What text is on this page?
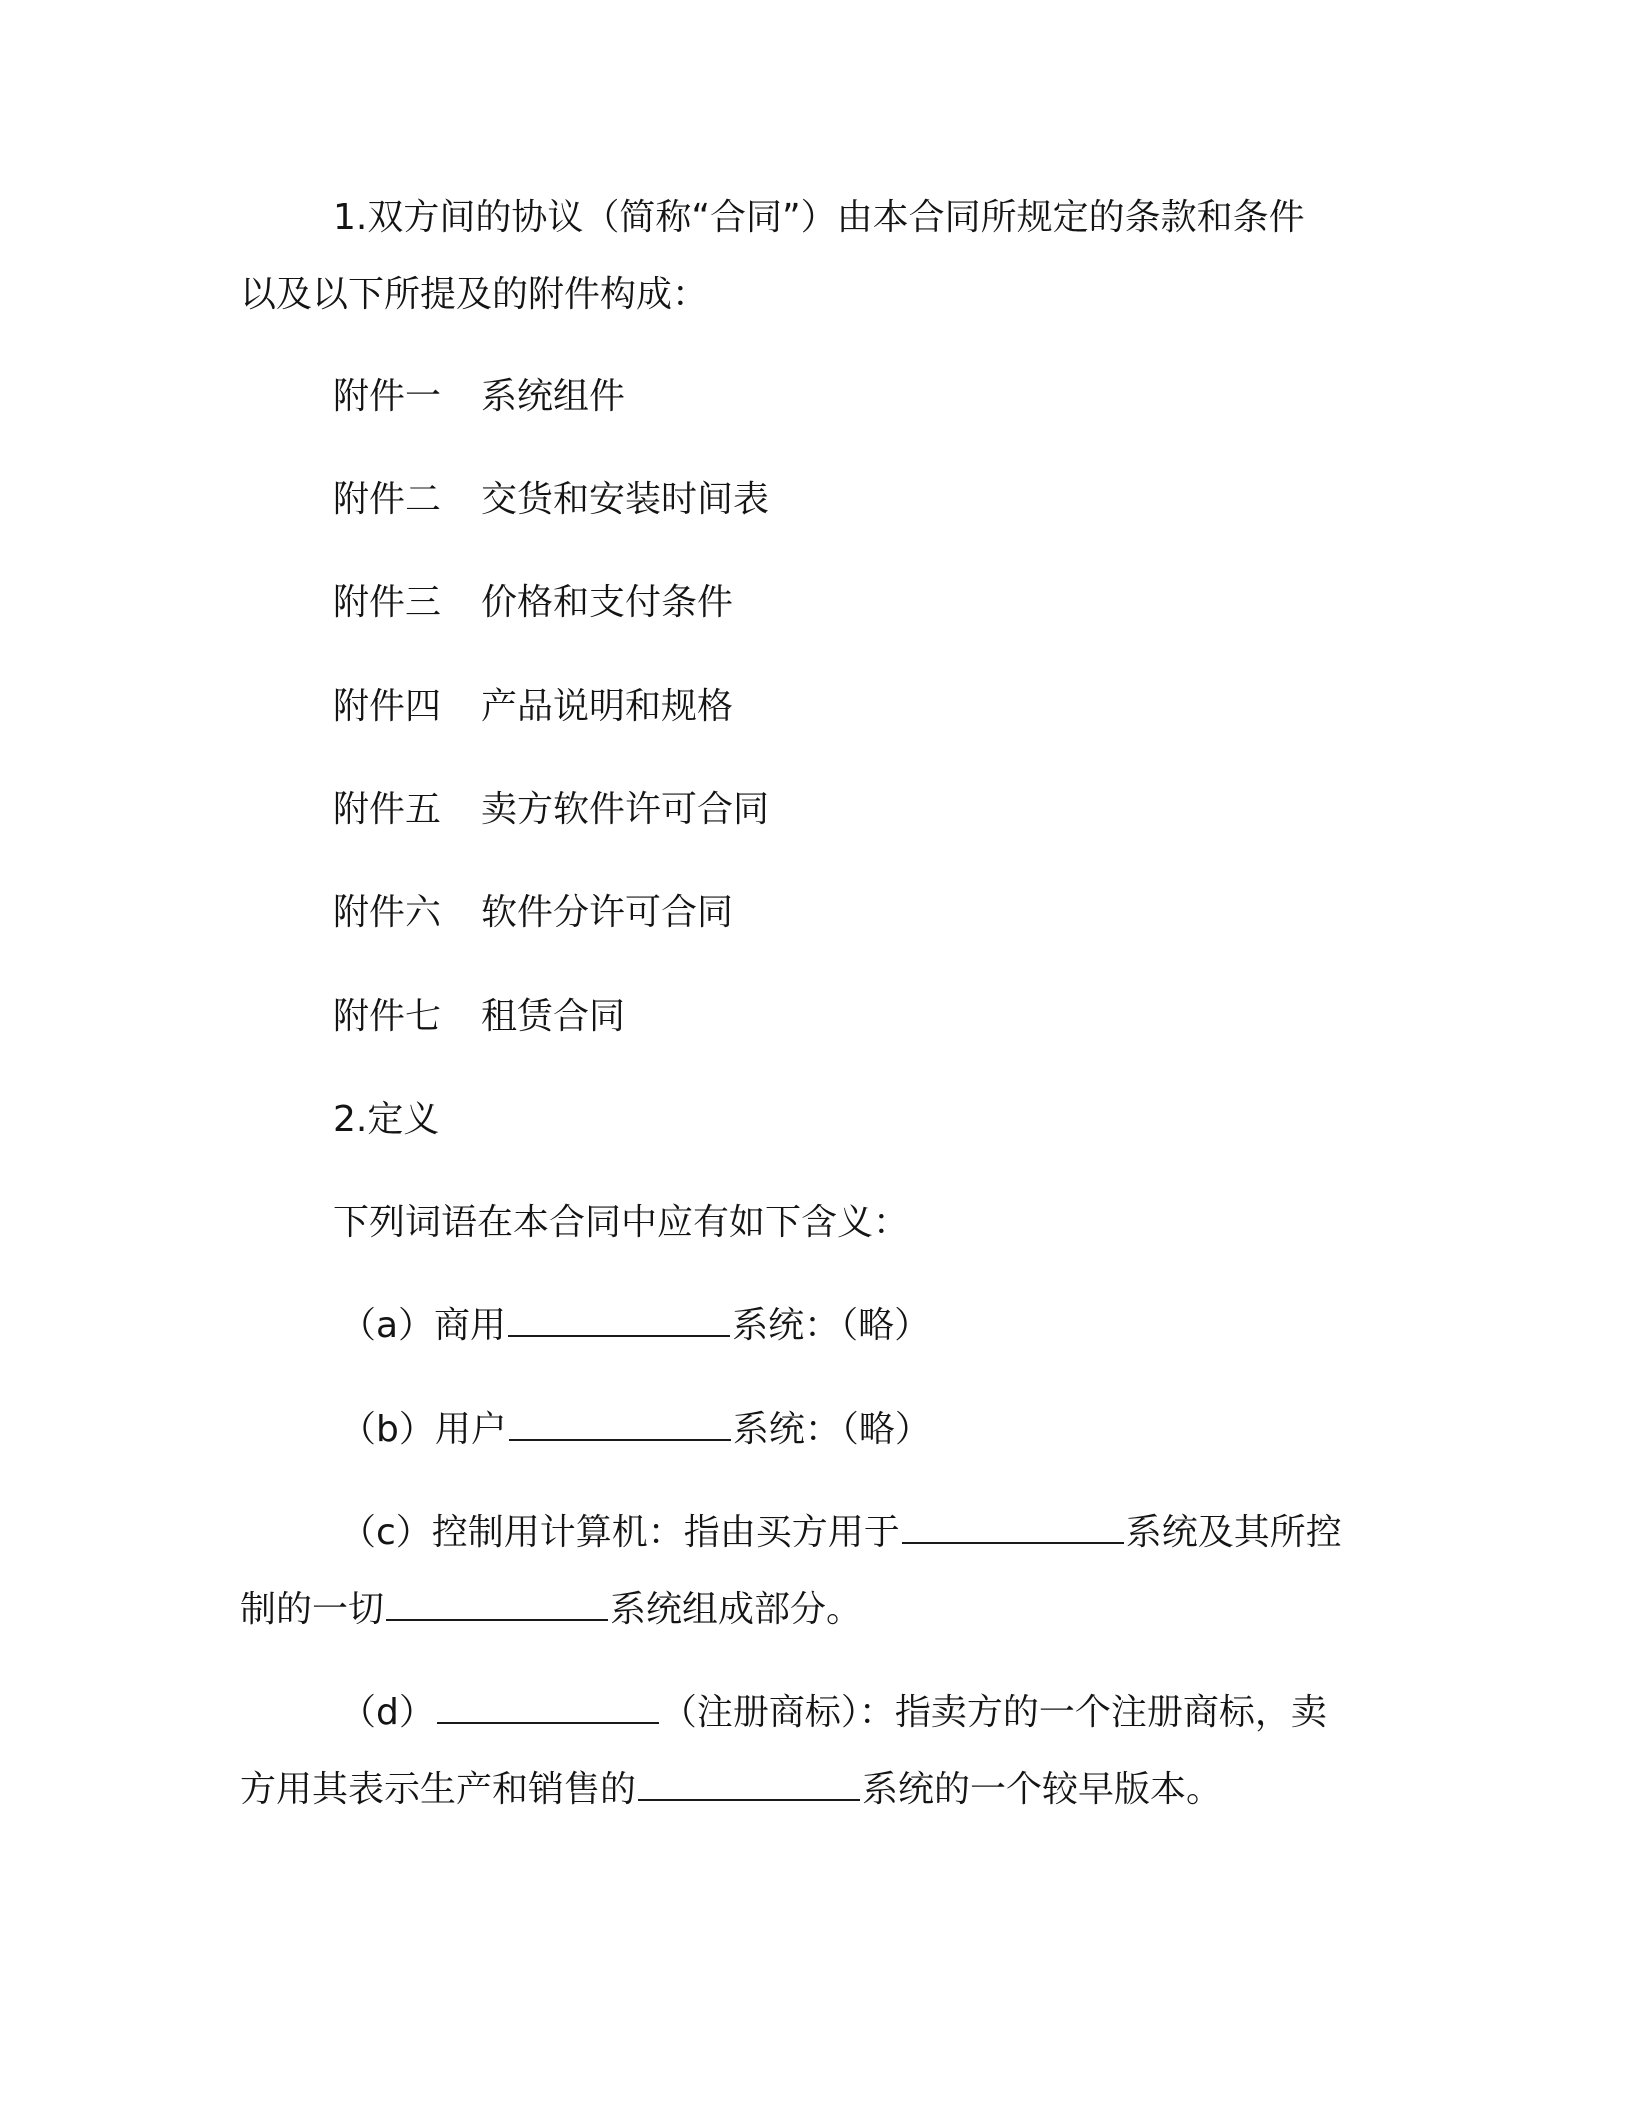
1.双方间的协议（简称“合同”）由本合同所规定的条款和条件
以及以下所提及的附件构成：
附件一 系统组件
附件二 交货和安装时间表
附件三 价格和支付条件
附件四 产品说明和规格
附件五 卖方软件许可合同
附件六 软件分许可合同
附件七 租赁合同
2.定义
下列词语在本合同中应有如下含义：
（a）商用	系统：（略）
（b）用户	系统：（略）
（c）控制用计算机：指由买方用于	系统及其所控
制的一切	系统组成部分。
（d）	（注册商标）：指卖方的一个注册商标，卖
方用其表示生产和销售的	系统的一个较早版本。
